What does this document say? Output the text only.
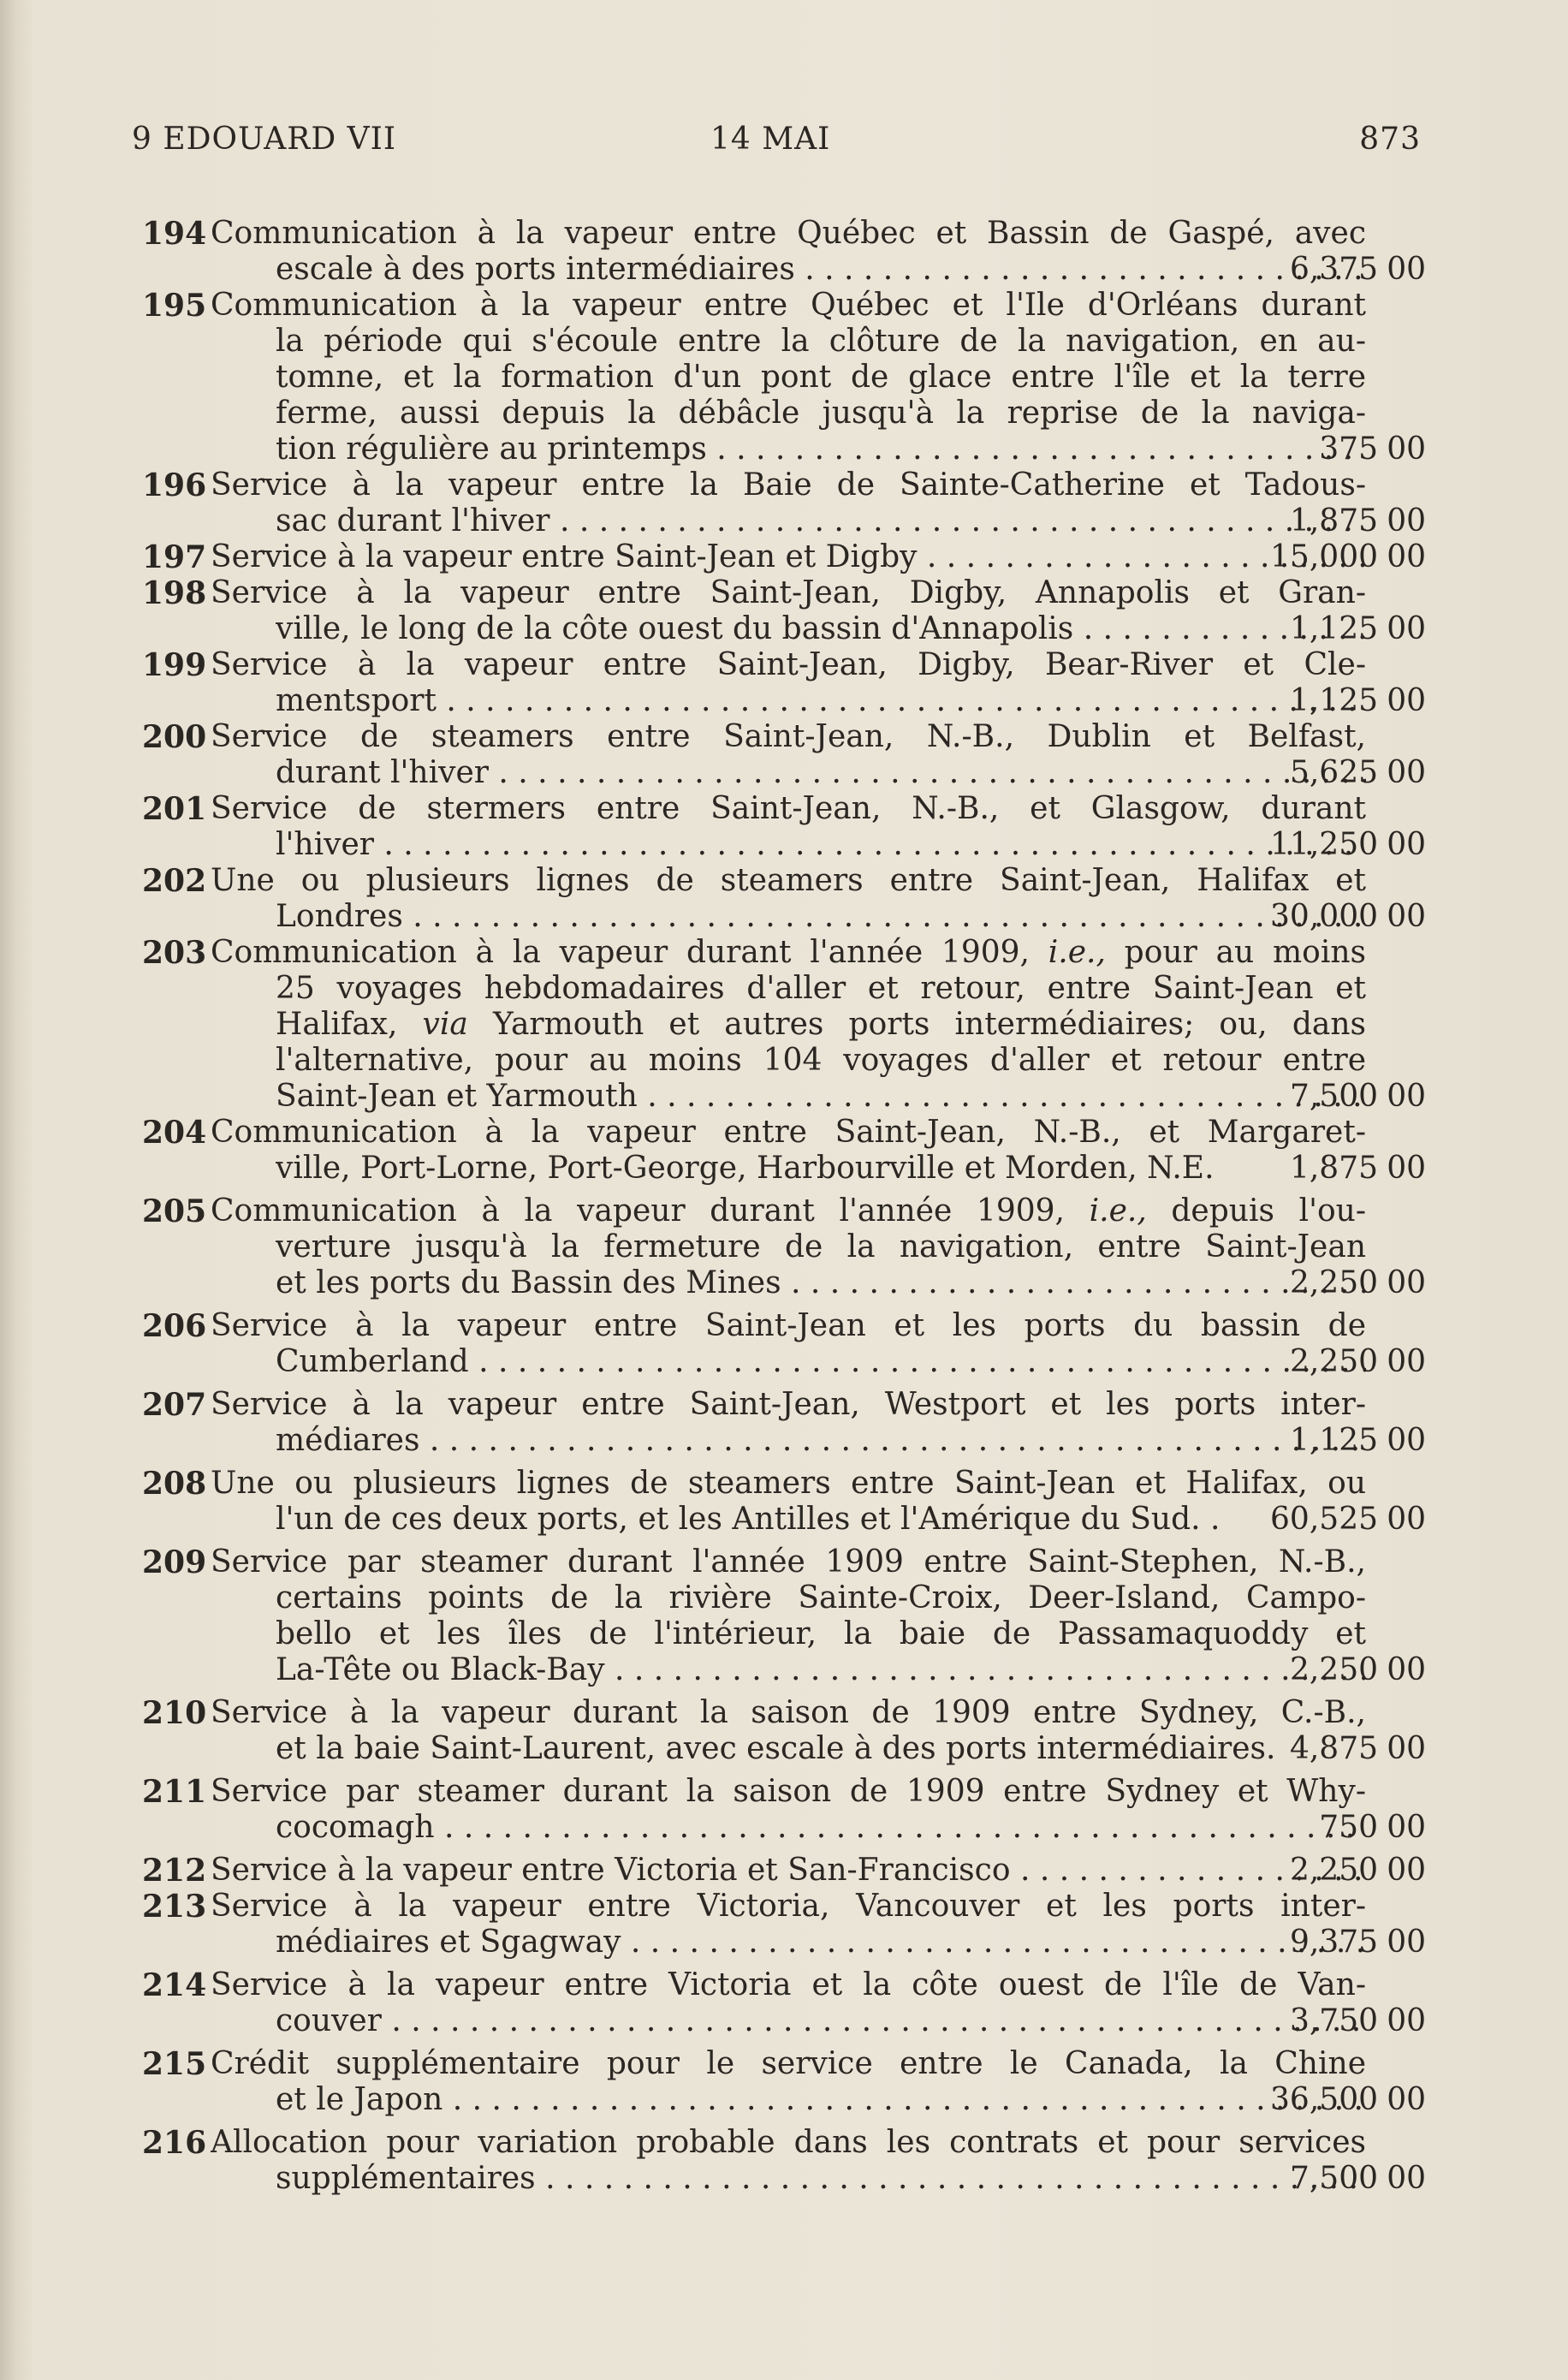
9 EDOUARD VII	14 MAI	873
194 Communication à la vapeur entre Québec et Bassin de Gaspé, avec
escale à des ports intermédiaires . . .	6,375 00
195 Communication à la vapeur entre Québec et l'Ile d'Orléans durant
la période qui s'écoule entre la clôture de la navigation, en au-
tomne, et la formation d'un pont de glace entre l'île et la terre
ferme, aussi depuis la débâcle jusqu'à la reprise de la naviga-
tion régulière au printemps . . .	375 00
196 Service à la vapeur entre la Baie de Sainte-Catherine et Tadous-
sac durant l'hiver . . .	1,875 00
197 Service à la vapeur entre Saint-Jean et Digby . . .	15,000 00
198 Service à la vapeur entre Saint-Jean, Digby, Annapolis et Gran-
ville, le long de la côte ouest du bassin d'Annapolis . . .	1,125 00
199 Service à la vapeur entre Saint-Jean, Digby, Bear-River et Cle-
mentsport . . .	1,125 00
200 Service de steamers entre Saint-Jean, N.-B., Dublin et Belfast,
durant l'hiver . . .	5,625 00
201 Service de stermers entre Saint-Jean, N.-B., et Glasgow, durant
l'hiver . . .	11,250 00
202 Une ou plusieurs lignes de steamers entre Saint-Jean, Halifax et
Londres . . .	30,000 00
203 Communication à la vapeur durant l'année 1909, i.e., pour au moins
25 voyages hebdomadaires d'aller et retour, entre Saint-Jean et
Halifax, via Yarmouth et autres ports intermédiaires; ou, dans
l'alternative, pour au moins 104 voyages d'aller et retour entre
Saint-Jean et Yarmouth . . .	7,500 00
204 Communication à la vapeur entre Saint-Jean, N.-B., et Margaret-
ville, Port-Lorne, Port-George, Harbourville et Morden, N.E.	1,875 00
205 Communication à la vapeur durant l'année 1909, i.e., depuis l'ou-
verture jusqu'à la fermeture de la navigation, entre Saint-Jean
et les ports du Bassin des Mines . . .	2,250 00
206 Service à la vapeur entre Saint-Jean et les ports du bassin de
Cumberland . . .	2,250 00
207 Service à la vapeur entre Saint-Jean, Westport et les ports inter-
médiares . . .	1,125 00
208 Une ou plusieurs lignes de steamers entre Saint-Jean et Halifax, ou
l'un de ces deux ports, et les Antilles et l'Amérique du Sud. .	60,525 00
209 Service par steamer durant l'année 1909 entre Saint-Stephen, N.-B.,
certains points de la rivière Sainte-Croix, Deer-Island, Campo-
bello et les îles de l'intérieur, la baie de Passamaquoddy et
La-Tête ou Black-Bay . . .	2,250 00
210 Service à la vapeur durant la saison de 1909 entre Sydney, C.-B.,
et la baie Saint-Laurent, avec escale à des ports intermédiaires. 4,875 00
211 Service par steamer durant la saison de 1909 entre Sydney et Why-
cocomagh . . .	750 00
212 Service à la vapeur entre Victoria et San-Francisco . . .	2,250 00
213 Service à la vapeur entre Victoria, Vancouver et les ports inter-
médiaires et Sgagway . . .	9,375 00
214 Service à la vapeur entre Victoria et la côte ouest de l'île de Van-
couver . . .	3,750 00
215 Crédit supplémentaire pour le service entre le Canada, la Chine
et le Japon . . .	36,500 00
216 Allocation pour variation probable dans les contrats et pour services
supplémentaires . . .	7,500 00
